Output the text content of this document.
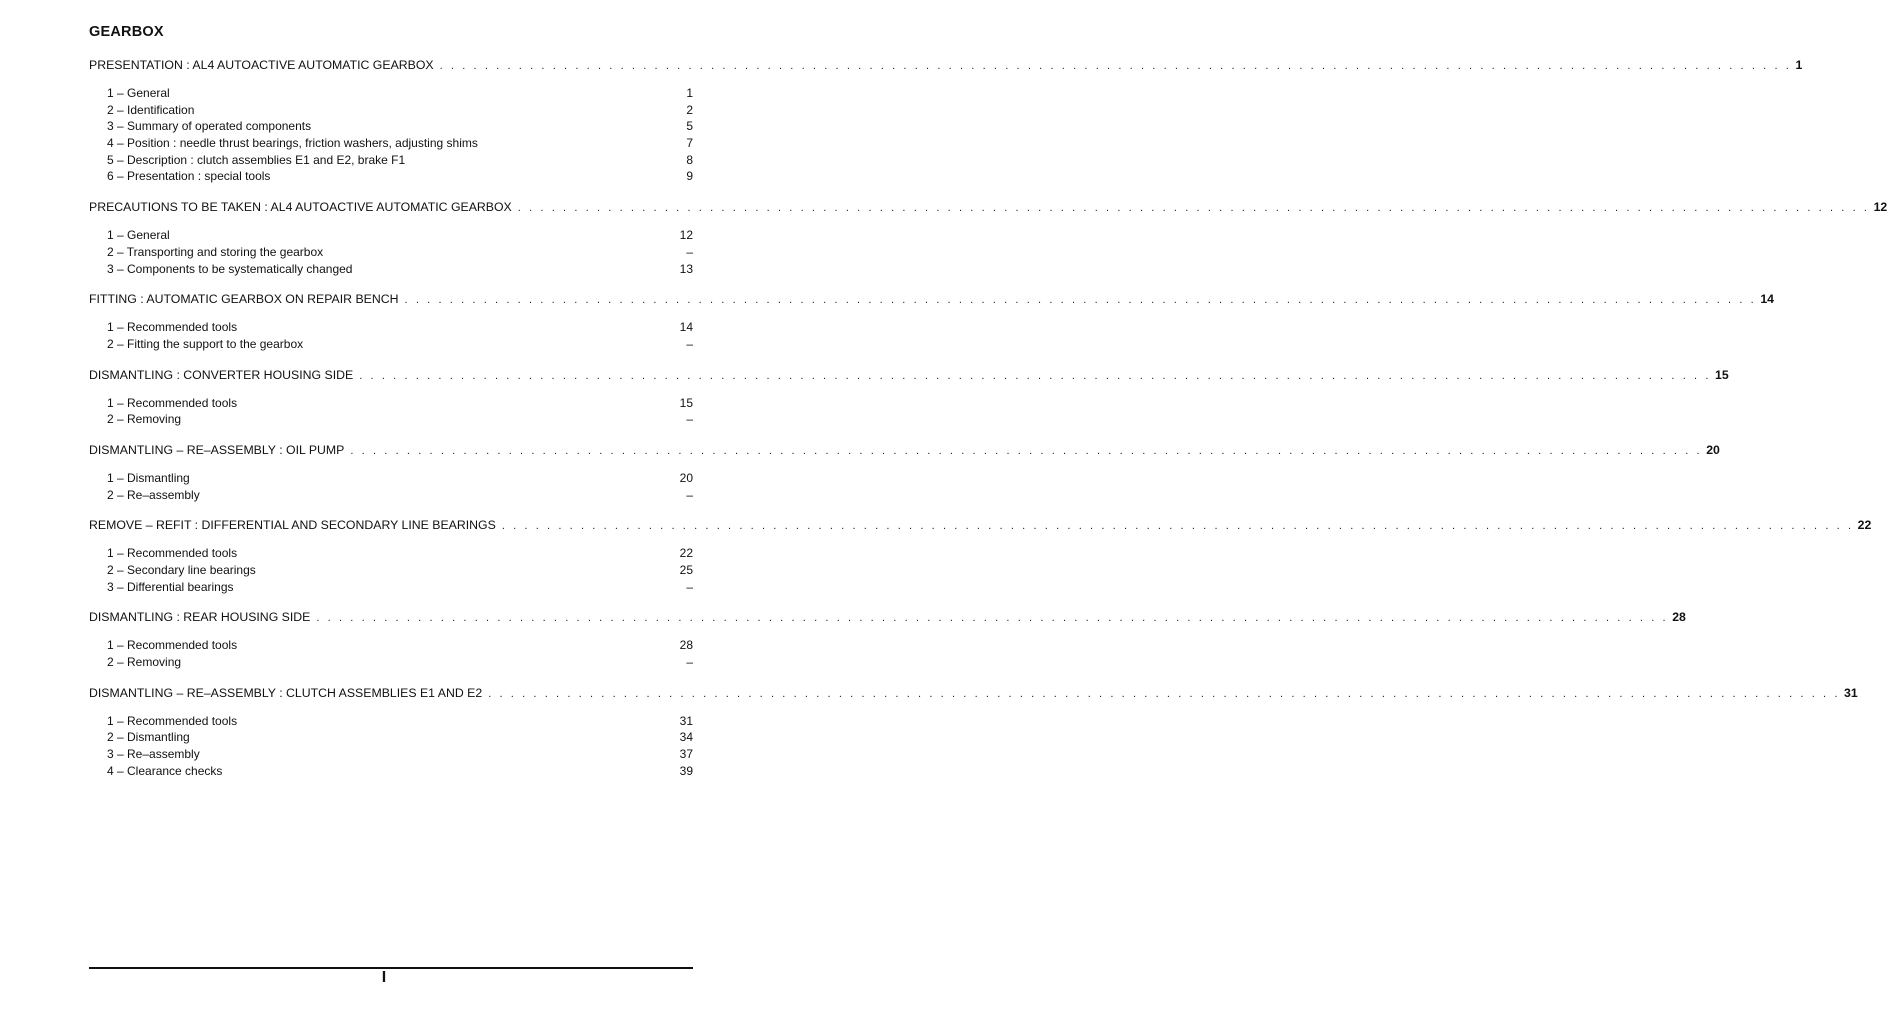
GEARBOX
PRESENTATION : AL4 AUTOACTIVE AUTOMATIC GEARBOX . . . . . . . . . . . . . . . . . . . . . . . . . . . . . . . . . . . . . . . . . . . . . . . . . . . . . . . . . . . . . . . . . . . . . . . . . . . . . . . . . . . . . . . . . . . . . . . . . . . . . . . . . . . . . . . . . . . . . . . . 1
1 – General	1
2 – Identification	2
3 – Summary of operated components	5
4 – Position : needle thrust bearings, friction washers, adjusting shims	7
5 – Description : clutch assemblies E1 and E2, brake F1	8
6 – Presentation : special tools	9
PRECAUTIONS TO BE TAKEN : AL4 AUTOACTIVE AUTOMATIC GEARBOX . . . . . . . . . . . . . . . . . . . . . . . . . . . . . . . . . . . . . . . . . . . . . . . . . . . . . . . . . . . . . . . . . . . . . . . . . . . . . . . . . . . . . . . . . . . . . . . . . . . . . . . . . . . . . . . . . . . . . . . . 12
1 – General	12
2 – Transporting and storing the gearbox	–
3 – Components to be systematically changed	13
FITTING : AUTOMATIC GEARBOX ON REPAIR BENCH . . . . . . . . . . . . . . . . . . . . . . . . . . . . . . . . . . . . . . . . . . . . . . . . . . . . . . . . . . . . . . . . . . . . . . . . . . . . . . . . . . . . . . . . . . . . . . . . . . . . . . . . . . . . . . . . . . . . . . . . 14
1 – Recommended tools	14
2 – Fitting the support to the gearbox	–
DISMANTLING : CONVERTER HOUSING SIDE . . . . . . . . . . . . . . . . . . . . . . . . . . . . . . . . . . . . . . . . . . . . . . . . . . . . . . . . . . . . . . . . . . . . . . . . . . . . . . . . . . . . . . . . . . . . . . . . . . . . . . . . . . . . . . . . . . . . . . . . 15
1 – Recommended tools	15
2 – Removing	–
DISMANTLING – RE–ASSEMBLY : OIL PUMP . . . . . . . . . . . . . . . . . . . . . . . . . . . . . . . . . . . . . . . . . . . . . . . . . . . . . . . . . . . . . . . . . . . . . . . . . . . . . . . . . . . . . . . . . . . . . . . . . . . . . . . . . . . . . . . . . . . . . . . . 20
1 – Dismantling	20
2 – Re–assembly	–
REMOVE – REFIT : DIFFERENTIAL AND SECONDARY LINE BEARINGS . . . . . . . . . . . . . . . . . . . . . . . . . . . . . . . . . . . . . . . . . . . . . . . . . . . . . . . . . . . . . . . . . . . . . . . . . . . . . . . . . . . . . . . . . . . . . . . . . . . . . . . . . . . . . . . . . . . . . . . . 22
1 – Recommended tools	22
2 – Secondary line bearings	25
3 – Differential bearings	–
DISMANTLING : REAR HOUSING SIDE . . . . . . . . . . . . . . . . . . . . . . . . . . . . . . . . . . . . . . . . . . . . . . . . . . . . . . . . . . . . . . . . . . . . . . . . . . . . . . . . . . . . . . . . . . . . . . . . . . . . . . . . . . . . . . . . . . . . . . . . 28
1 – Recommended tools	28
2 – Removing	–
DISMANTLING – RE–ASSEMBLY : CLUTCH ASSEMBLIES E1 AND E2 . . . . . . . . . . . . . . . . . . . . . . . . . . . . . . . . . . . . . . . . . . . . . . . . . . . . . . . . . . . . . . . . . . . . . . . . . . . . . . . . . . . . . . . . . . . . . . . . . . . . . . . . . . . . . . . . . . . . . . . . 31
1 – Recommended tools	31
2 – Dismantling	34
3 – Re–assembly	37
4 – Clearance checks	39
I
